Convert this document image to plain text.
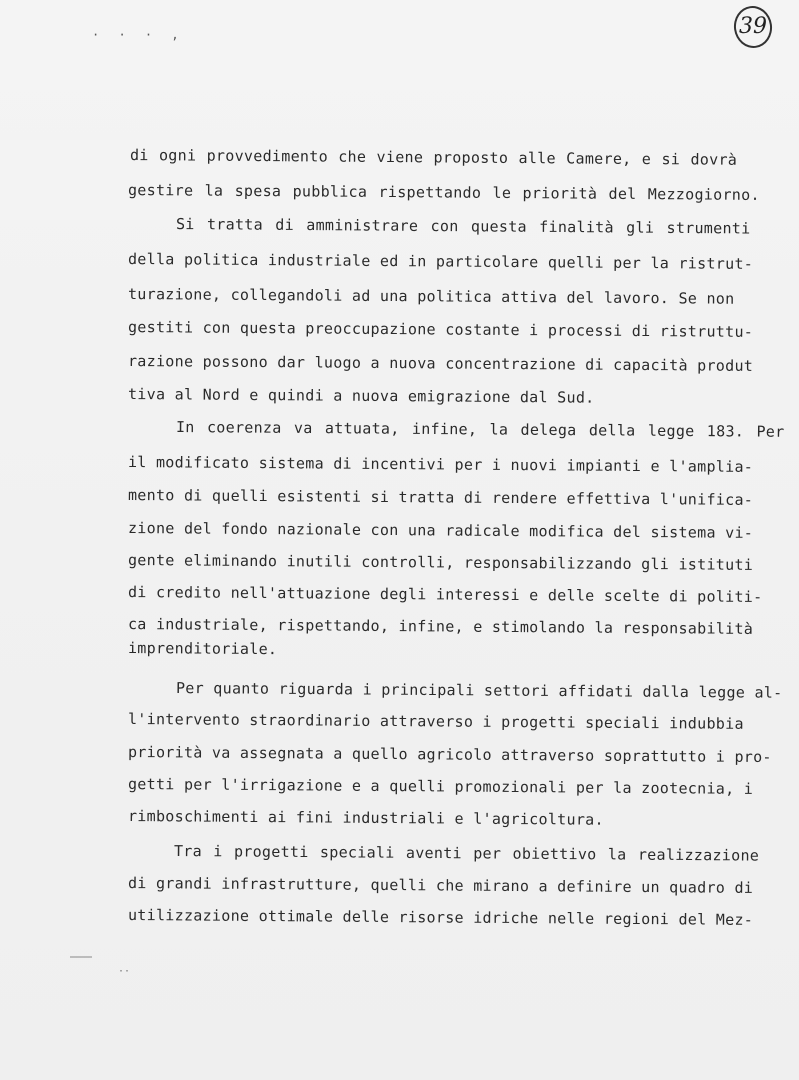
· · · ,	39
di ogni provvedimento che viene proposto alle Camere, e si dovrà
gestire la spesa pubblica rispettando le priorità del Mezzogiorno.
Si tratta di amministrare con questa finalità gli strumenti
della politica industriale ed in particolare quelli per la ristrut-
turazione, collegandoli ad una politica attiva del lavoro. Se non
gestiti con questa preoccupazione costante i processi di ristruttu-
razione possono dar luogo a nuova concentrazione di capacità produt
tiva al Nord e quindi a nuova emigrazione dal Sud.
In coerenza va attuata, infine, la delega della legge 183. Per
il modificato sistema di incentivi per i nuovi impianti e l'amplia-
mento di quelli esistenti si tratta di rendere effettiva l'unifica-
zione del fondo nazionale con una radicale modifica del sistema vi-
gente eliminando inutili controlli, responsabilizzando gli istituti
di credito nell'attuazione degli interessi e delle scelte di politi-
ca industriale, rispettando, infine, e stimolando la responsabilità
imprenditoriale.
Per quanto riguarda i principali settori affidati dalla legge al-
l'intervento straordinario attraverso i progetti speciali indubbia
priorità va assegnata a quello agricolo attraverso soprattutto i pro-
getti per l'irrigazione e a quelli promozionali per la zootecnia, i
rimboschimenti ai fini industriali e l'agricoltura.
Tra i progetti speciali aventi per obiettivo la realizzazione
di grandi infrastrutture, quelli che mirano a definire un quadro di
utilizzazione ottimale delle risorse idriche nelle regioni del Mez-
··
